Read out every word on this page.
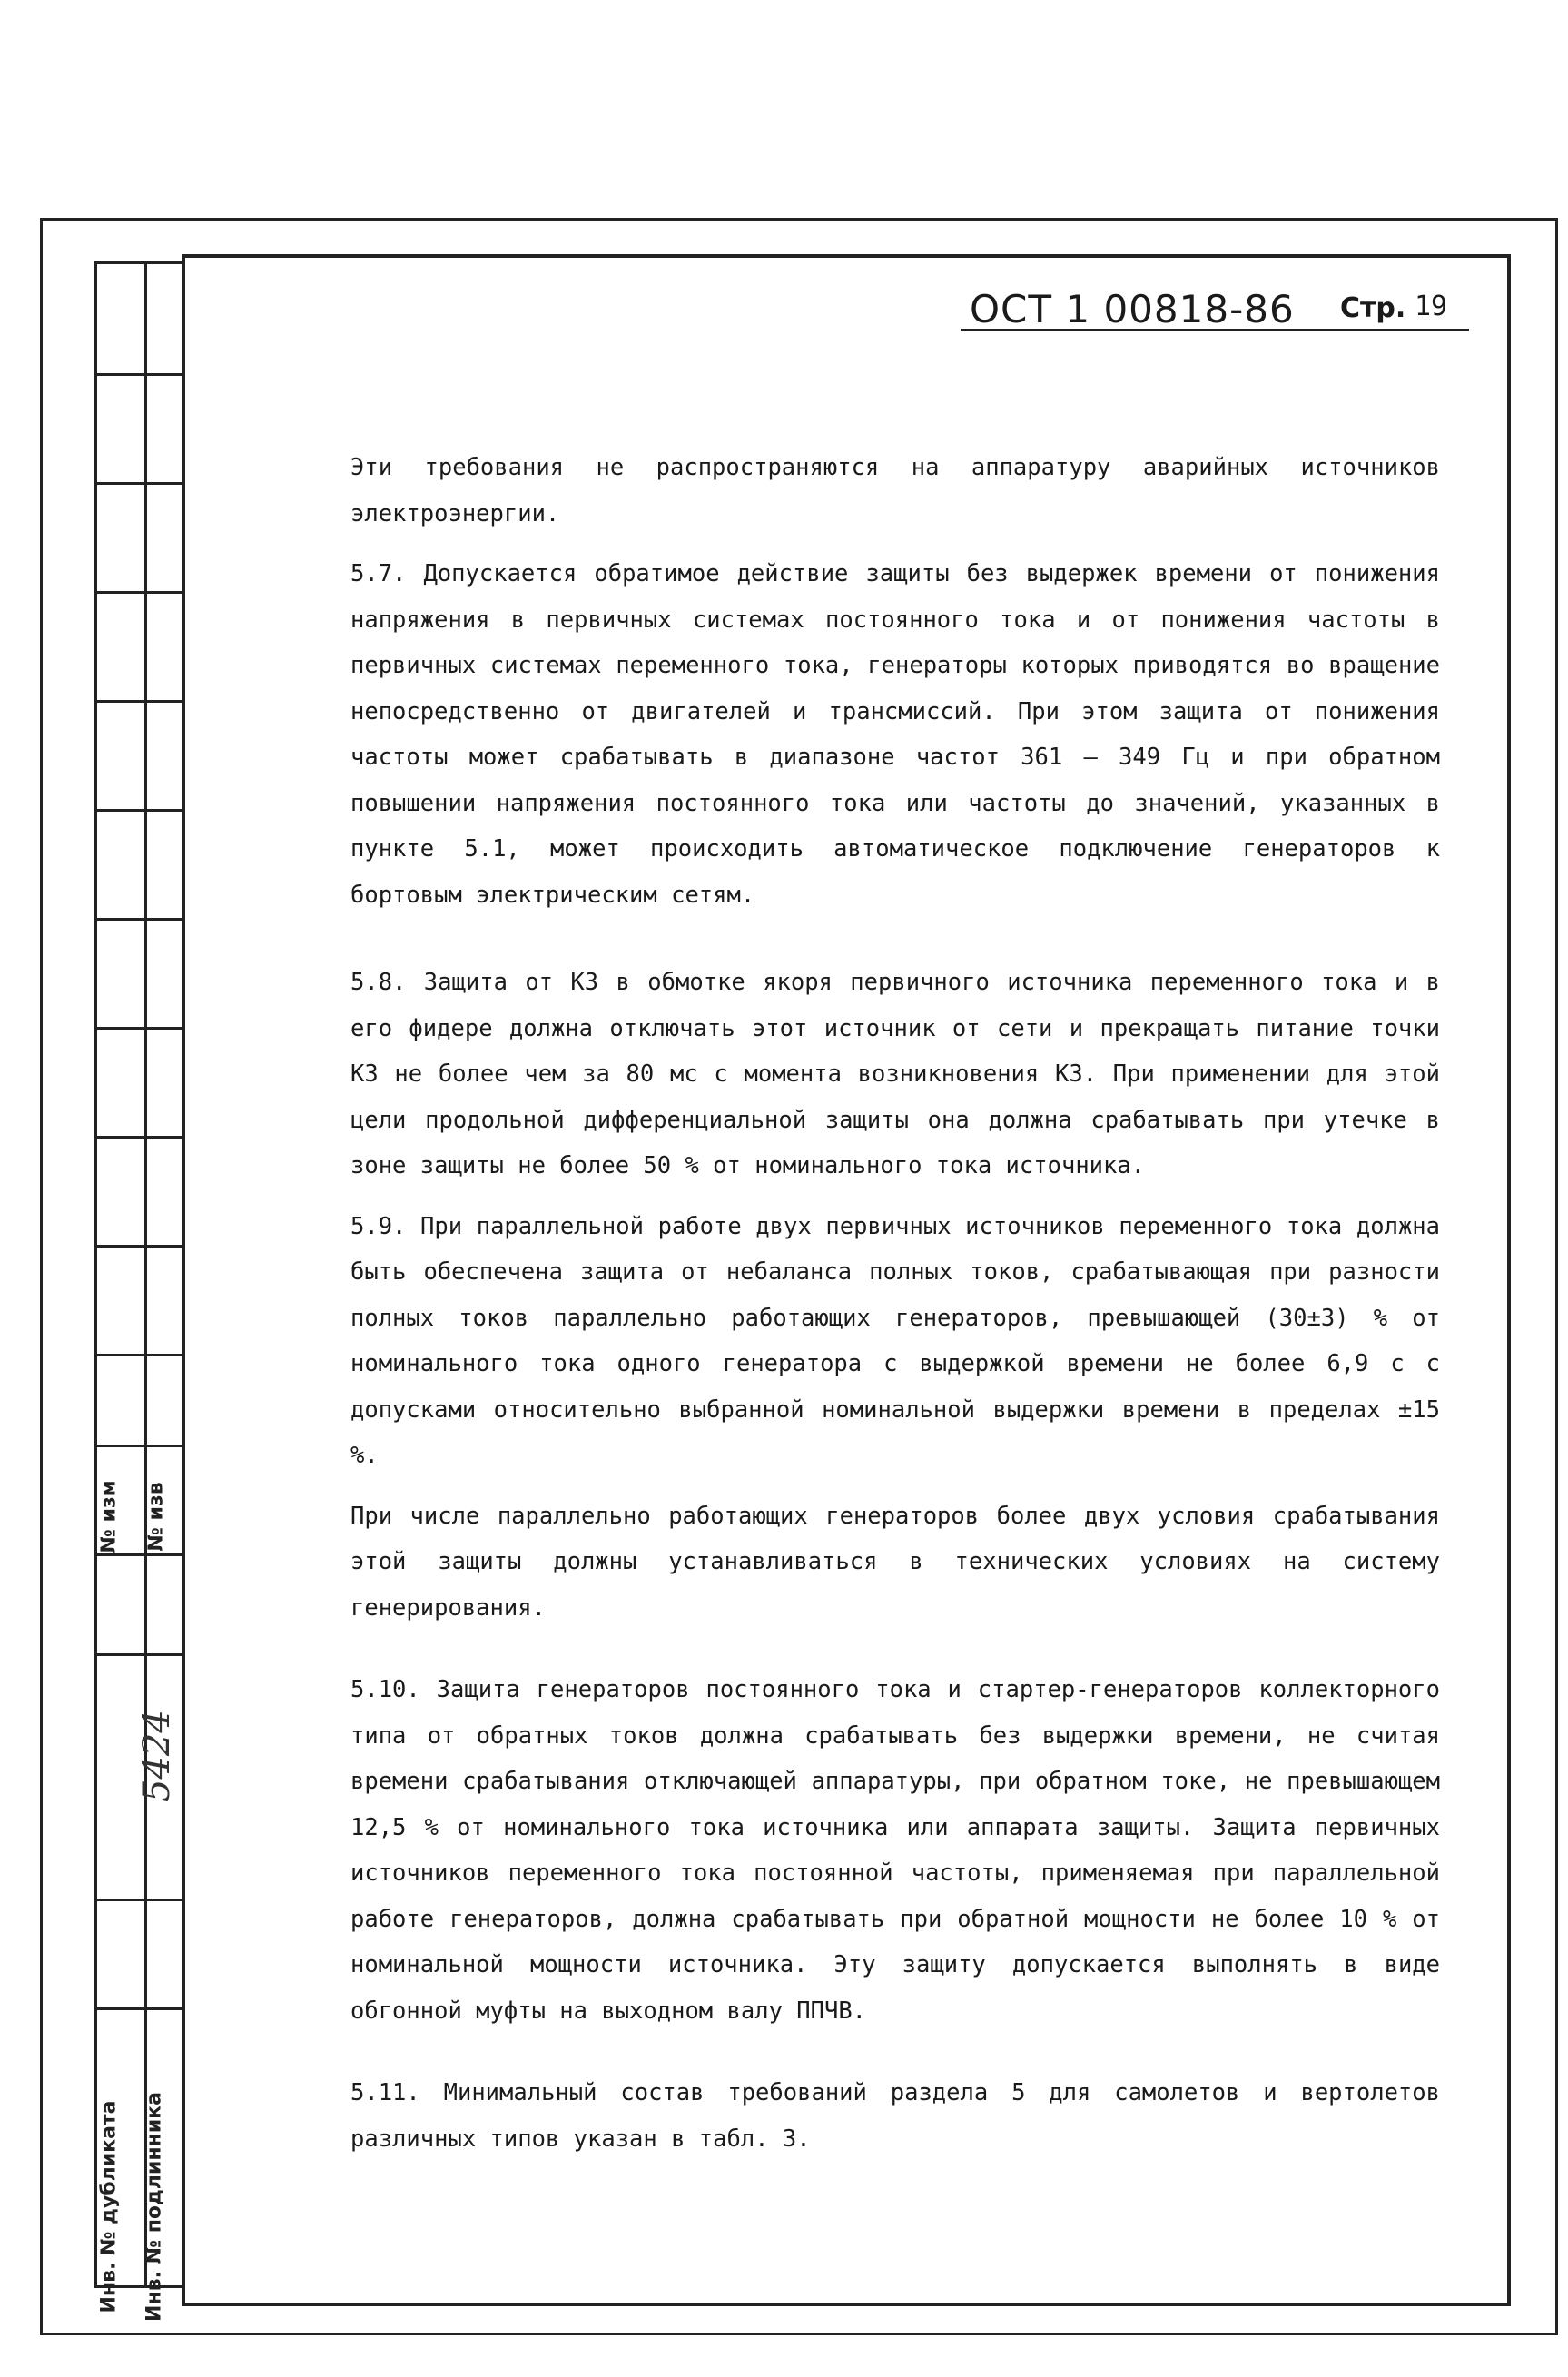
№ изм № изв
Инв. № дубликата Инв. № подлинника
5424
ОСТ 1 00818-86 Стр. 19

Эти требования не распространяются на аппаратуру аварийных источников электроэнергии.

5.7. Допускается обратимое действие защиты без выдержек времени от понижения напряжения в первичных системах постоянного тока и от понижения частоты в первичных системах переменного тока, генераторы которых приводятся во вращение непосредственно от двигателей и трансмиссий. При этом защита от понижения частоты может срабатывать в диапазоне частот 361 – 349 Гц и при обратном повышении напряжения постоянного тока или частоты до значений, указанных в пункте 5.1, может происходить автоматическое подключение генераторов к бортовым электрическим сетям.

5.8. Защита от КЗ в обмотке якоря первичного источника переменного тока и в его фидере должна отключать этот источник от сети и прекращать питание точки КЗ не более чем за 80 мс с момента возникновения КЗ. При применении для этой цели продольной дифференциальной защиты она должна срабатывать при утечке в зоне защиты не более 50 % от номинального тока источника.

5.9. При параллельной работе двух первичных источников переменного тока должна быть обеспечена защита от небаланса полных токов, срабатывающая при разности полных токов параллельно работающих генераторов, превышающей (30±3) % от номинального тока одного генератора с выдержкой времени не более 6,9 с с допусками относительно выбранной номинальной выдержки времени в пределах ±15 %.

При числе параллельно работающих генераторов более двух условия срабатывания этой защиты должны устанавливаться в технических условиях на систему генерирования.

5.10. Защита генераторов постоянного тока и стартер-генераторов коллекторного типа от обратных токов должна срабатывать без выдержки времени, не считая времени срабатывания отключающей аппаратуры, при обратном токе, не превышающем 12,5 % от номинального тока источника или аппарата защиты. Защита первичных источников переменного тока постоянной частоты, применяемая при параллельной работе генераторов, должна срабатывать при обратной мощности не более 10 % от номинальной мощности источника. Эту защиту допускается выполнять в виде обгонной муфты на выходном валу ППЧВ.

5.11. Минимальный состав требований раздела 5 для самолетов и вертолетов различных типов указан в табл. 3.
